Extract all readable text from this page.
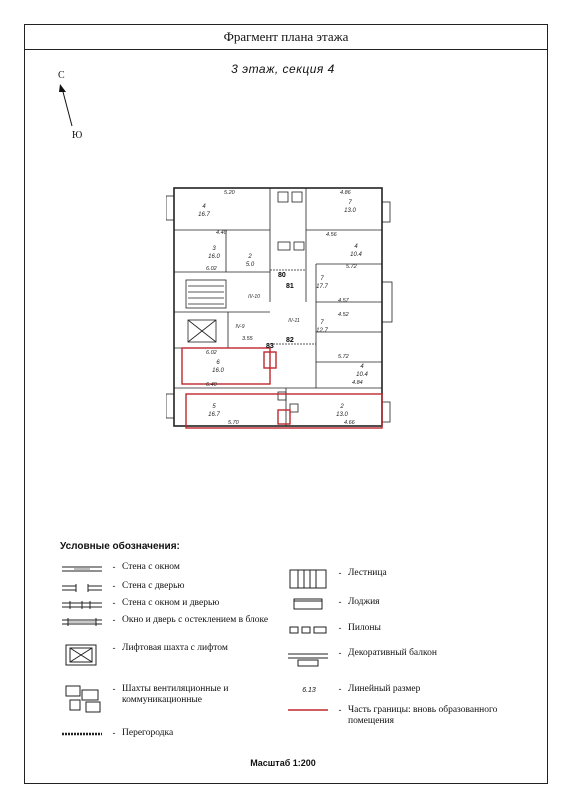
Фрагмент плана этажа
3 этаж, секция 4
С
Ю
80
81
82
83
5.20	4.86
4.40	4.56
6.02	5.72
4.57
4.52
5.72
4.84
3.55
6.02
6.40
5.70	4.66
4
16.7
3
16.0	2
5.0
7
13.0
4
10.4
7
17.7
7
12.7
4
10.4
6
16.0
5
16.7
2
13.0
IV-11
IV-9
IV-10
Условные обозначения:
- Стена с окном
- Стена с дверью
- Стена с окном и дверью
- Окно и дверь с остеклением в блоке
- Лифтовая шахта с лифтом
- Шахты вентиляционные и коммуникационные
- Перегородка
- Лестница
- Лоджия
- Пилоны
- Декоративный балкон
6.13	- Линейный размер
- Часть границы: вновь образованного помещения
Масштаб 1:200
